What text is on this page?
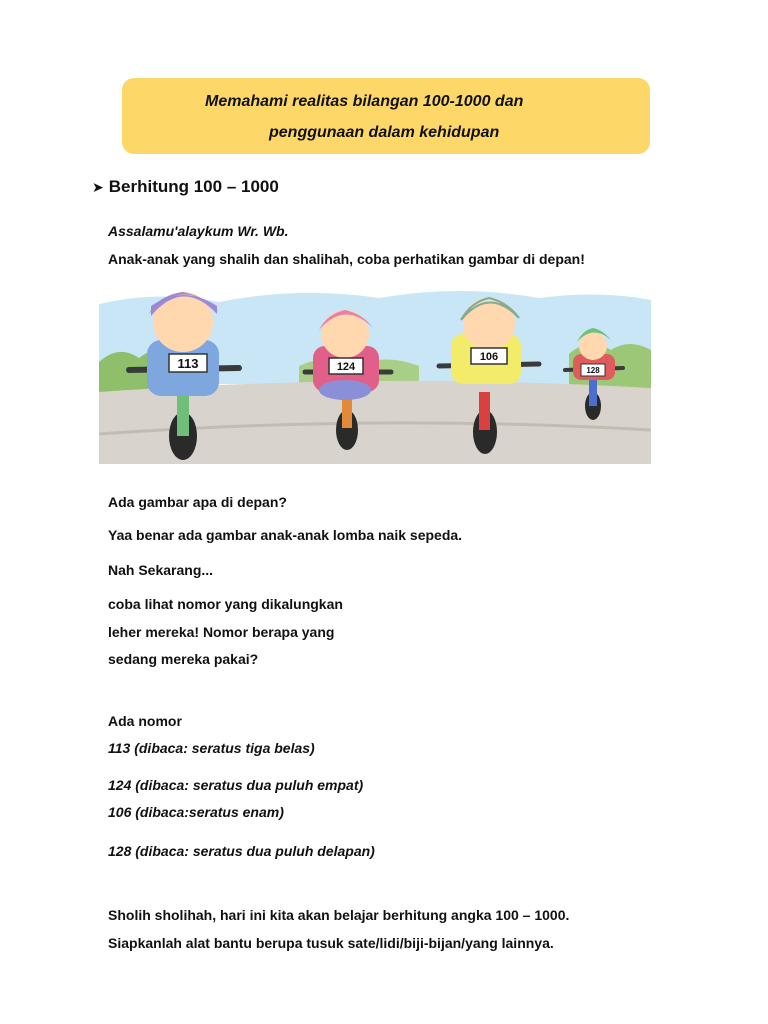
Memahami realitas bilangan 100-1000 dan
penggunaan dalam kehidupan
➤ Berhitung 100 – 1000
Assalamu'alaykum Wr. Wb.
Anak-anak yang shalih dan shalihah, coba perhatikan gambar di depan!
113	124
106
128
Ada gambar apa di depan?
Yaa benar ada gambar anak-anak lomba naik sepeda.
Nah Sekarang...
coba lihat nomor yang dikalungkan
leher mereka! Nomor berapa yang
sedang mereka pakai?
Ada nomor
113 (dibaca: seratus tiga belas)
124 (dibaca: seratus dua puluh empat)
106 (dibaca:seratus enam)
128 (dibaca: seratus dua puluh delapan)
Sholih sholihah, hari ini kita akan belajar berhitung angka 100 – 1000.
Siapkanlah alat bantu berupa tusuk sate/lidi/biji-bijan/yang lainnya.
